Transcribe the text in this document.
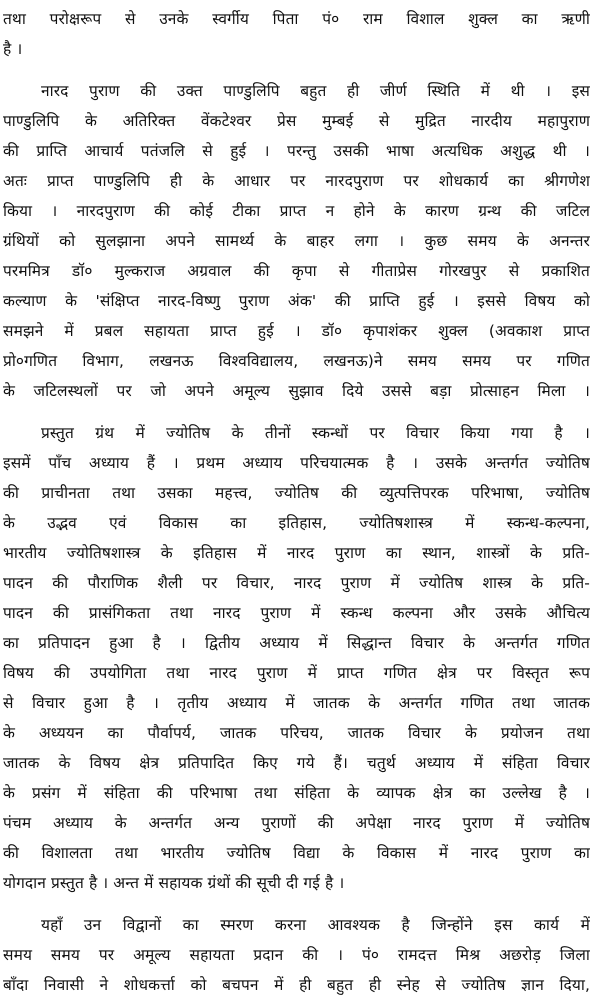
तथा परोक्षरूप से उनके स्वर्गीय पिता पं० राम विशाल शुक्ल का ऋणी
है ।
नारद पुराण की उक्त पाण्डुलिपि बहुत ही जीर्ण स्थिति में थी । इस
पाण्डुलिपि के अतिरिक्त वेंकटेश्वर प्रेस मुम्बई से मुद्रित नारदीय महापुराण
की प्राप्ति आचार्य पतंजलि से हुई । परन्तु उसकी भाषा अत्यधिक अशुद्ध थी ।
अतः प्राप्त पाण्डुलिपि ही के आधार पर नारदपुराण पर शोधकार्य का श्रीगणेश
किया । नारदपुराण की कोई टीका प्राप्त न होने के कारण ग्रन्थ की जटिल
ग्रंथियों को सुलझाना अपने सामर्थ्य के बाहर लगा । कुछ समय के अनन्तर
परममित्र डॉ० मुल्कराज अग्रवाल की कृपा से गीताप्रेस गोरखपुर से प्रकाशित
कल्याण के 'संक्षिप्त नारद-विष्णु पुराण अंक' की प्राप्ति हुई । इससे विषय को
समझने में प्रबल सहायता प्राप्त हुई । डॉ० कृपाशंकर शुक्ल (अवकाश प्राप्त
प्रो०गणित विभाग, लखनऊ विश्वविद्यालय, लखनऊ)ने समय समय पर गणित
के जटिलस्थलों पर जो अपने अमूल्य सुझाव दिये उससे बड़ा प्रोत्साहन मिला ।
प्रस्तुत ग्रंथ में ज्योतिष के तीनों स्कन्धों पर विचार किया गया है ।
इसमें पाँच अध्याय हैं । प्रथम अध्याय परिचयात्मक है । उसके अन्तर्गत ज्योतिष
की प्राचीनता तथा उसका महत्त्व, ज्योतिष की व्युत्पत्तिपरक परिभाषा, ज्योतिष
के उद्भव एवं विकास का इतिहास, ज्योतिषशास्त्र में स्कन्ध-कल्पना,
भारतीय ज्योतिषशास्त्र के इतिहास में नारद पुराण का स्थान, शास्त्रों के प्रति-
पादन की पौराणिक शैली पर विचार, नारद पुराण में ज्योतिष शास्त्र के प्रति-
पादन की प्रासंगिकता तथा नारद पुराण में स्कन्ध कल्पना और उसके औचित्य
का प्रतिपादन हुआ है । द्वितीय अध्याय में सिद्धान्त विचार के अन्तर्गत गणित
विषय की उपयोगिता तथा नारद पुराण में प्राप्त गणित क्षेत्र पर विस्तृत रूप
से विचार हुआ है । तृतीय अध्याय में जातक के अन्तर्गत गणित तथा जातक
के अध्ययन का पौर्वापर्य, जातक परिचय, जातक विचार के प्रयोजन तथा
जातक के विषय क्षेत्र प्रतिपादित किए गये हैं। चतुर्थ अध्याय में संहिता विचार
के प्रसंग में संहिता की परिभाषा तथा संहिता के व्यापक क्षेत्र का उल्लेख है ।
पंचम अध्याय के अन्तर्गत अन्य पुराणों की अपेक्षा नारद पुराण में ज्योतिष
की विशालता तथा भारतीय ज्योतिष विद्या के विकास में नारद पुराण का
योगदान प्रस्तुत है । अन्त में सहायक ग्रंथों की सूची दी गई है ।
यहाँ उन विद्वानों का स्मरण करना आवश्यक है जिन्होंने इस कार्य में
समय समय पर अमूल्य सहायता प्रदान की । पं० रामदत्त मिश्र अछरोड़ जिला
बाँदा निवासी ने शोधकर्त्ता को बचपन में ही बहुत ही स्नेह से ज्योतिष ज्ञान दिया,
